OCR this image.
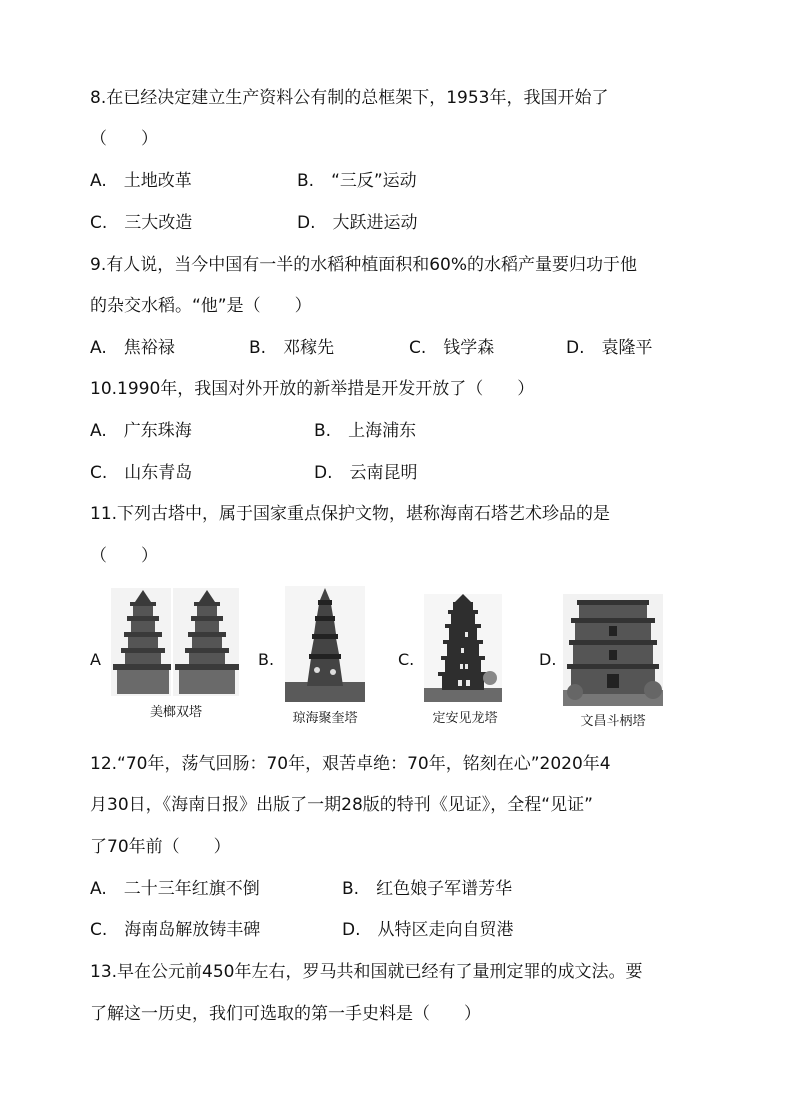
8.在已经决定建立生产资料公有制的总框架下，1953年，我国开始了
（　　）
A.　土地改革	B.　“三反”运动
C.　三大改造	D.　大跃进运动
9.有人说，当今中国有一半的水稻种植面积和60%的水稻产量要归功于他
的杂交水稻。“他”是（　　）
A.　焦裕禄	B.　邓稼先	C.　钱学森	D.　袁隆平
10.1990年，我国对外开放的新举措是开发开放了（　　）
A.　广东珠海	B.　上海浦东
C.　山东青岛	D.　云南昆明
11.下列古塔中，属于国家重点保护文物，堪称海南石塔艺术珍品的是
（　　）
A
美榔双塔
B.
琼海聚奎塔
C.
定安见龙塔
D.
文昌斗柄塔
12.“70年，荡气回肠：70年，艰苦卓绝：70年，铭刻在心”2020年4
月30日，《海南日报》出版了一期28版的特刊《见证》，全程“见证”
了70年前（　　）
A.　二十三年红旗不倒	B.　红色娘子军谱芳华
C.　海南岛解放铸丰碑	D.　从特区走向自贸港
13.早在公元前450年左右，罗马共和国就已经有了量刑定罪的成文法。要
了解这一历史，我们可选取的第一手史料是（　　）
